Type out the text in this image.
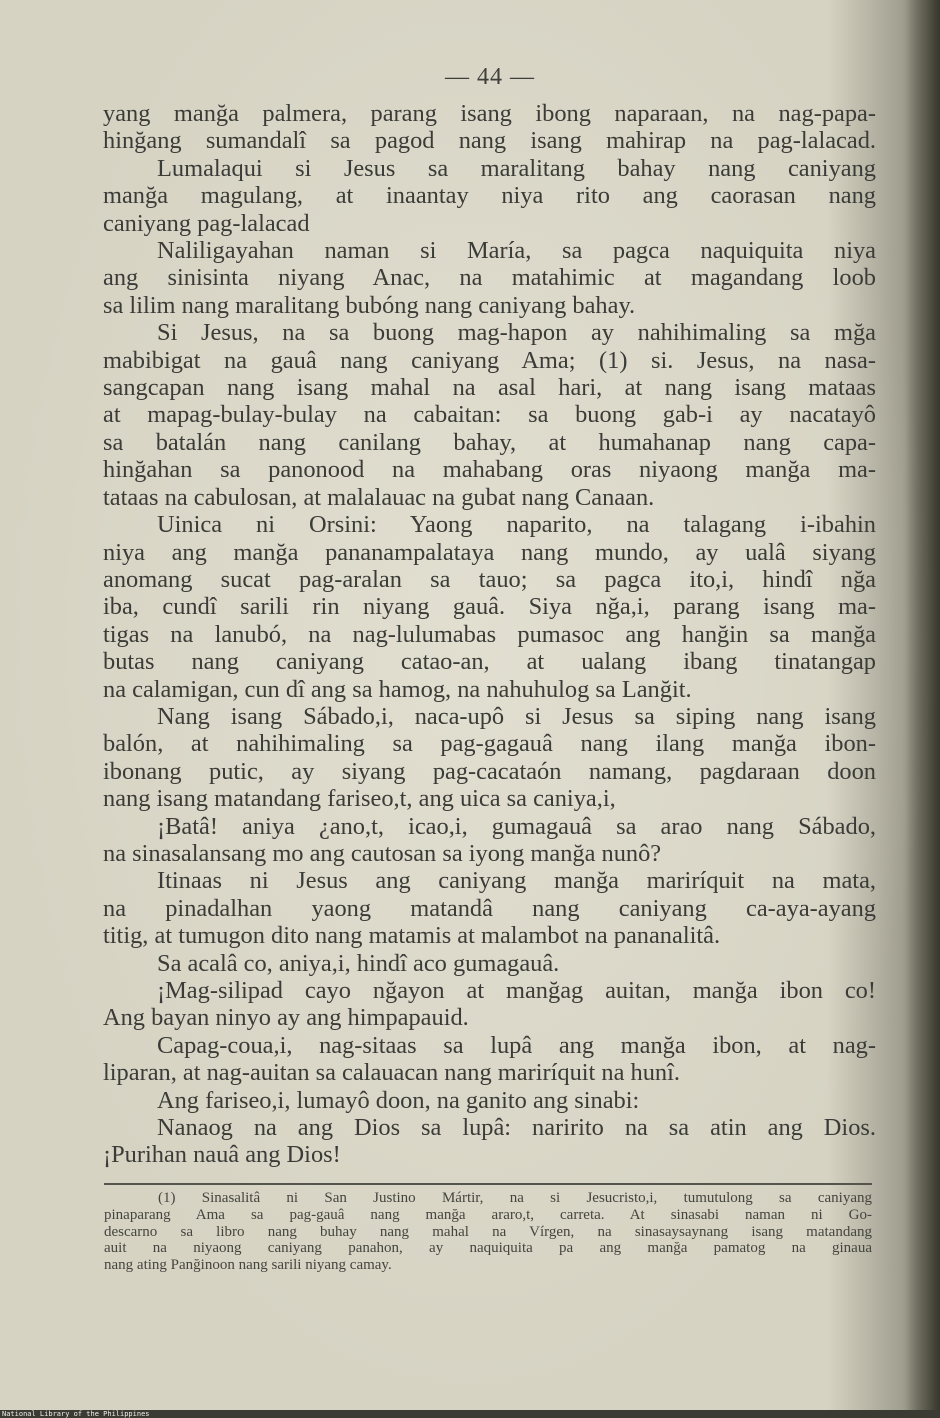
— 44 —
yang manğa palmera, parang isang ibong naparaan, na nag-papa-
hinğang sumandalî sa pagod nang isang mahirap na pag-lalacad.
Lumalaqui si Jesus sa maralitang bahay nang caniyang
manğa magulang, at inaantay niya rito ang caorasan nang
caniyang pag-lalacad
Naliligayahan naman si María, sa pagca naquiquita niya
ang sinisinta niyang Anac, na matahimic at magandang loob
sa lilim nang maralitang bubóng nang caniyang bahay.
Si Jesus, na sa buong mag-hapon ay nahihimaling sa mğa
mabibigat na gauâ nang caniyang Ama; (1) si. Jesus, na nasa-
sangcapan nang isang mahal na asal hari, at nang isang mataas
at mapag-bulay-bulay na cabaitan: sa buong gab-i ay nacatayô
sa batalán nang canilang bahay, at humahanap nang capa-
hinğahan sa panonood na mahabang oras niyaong manğa ma-
tataas na cabulosan, at malalauac na gubat nang Canaan.
Uinica ni Orsini: Yaong naparito, na talagang i-ibahin
niya ang manğa pananampalataya nang mundo, ay ualâ siyang
anomang sucat pag-aralan sa tauo; sa pagca ito,i, hindî nğa
iba, cundî sarili rin niyang gauâ. Siya nğa,i, parang isang ma-
tigas na lanubó, na nag-lulumabas pumasoc ang hanğin sa manğa
butas nang caniyang catao-an, at ualang ibang tinatangap
na calamigan, cun dî ang sa hamog, na nahuhulog sa Lanğit.
Nang isang Sábado,i, naca-upô si Jesus sa siping nang isang
balón, at nahihimaling sa pag-gagauâ nang ilang manğa ibon-
ibonang putic, ay siyang pag-cacataón namang, pagdaraan doon
nang isang matandang fariseo,t, ang uica sa caniya,i,
¡Batâ! aniya ¿ano,t, icao,i, gumagauâ sa arao nang Sábado,
na sinasalansang mo ang cautosan sa iyong manğa nunô?
Itinaas ni Jesus ang caniyang manğa mariríquit na mata,
na pinadalhan yaong matandâ nang caniyang ca-aya-ayang
titig, at tumugon dito nang matamis at malambot na pananalitâ.
Sa acalâ co, aniya,i, hindî aco gumagauâ.
¡Mag-silipad cayo nğayon at manğag auitan, manğa ibon co!
Ang bayan ninyo ay ang himpapauid.
Capag-coua,i, nag-sitaas sa lupâ ang manğa ibon, at nag-
liparan, at nag-auitan sa calauacan nang mariríquit na hunî.
Ang fariseo,i, lumayô doon, na ganito ang sinabi:
Nanaog na ang Dios sa lupâ: naririto na sa atin ang Dios.
¡Purihan nauâ ang Dios!
(1) Sinasalitâ ni San Justino Mártir, na si Jesucristo,i, tumutulong sa caniyang
pinaparang Ama sa pag-gauâ nang manğa araro,t, carreta. At sinasabi naman ni Go-
descarno sa libro nang buhay nang mahal na Vírgen, na sinasaysaynang isang matandang
auit na niyaong caniyang panahon, ay naquiquita pa ang manğa pamatog na ginaua
nang ating Panğinoon nang sarili niyang camay.
National Library of the Philippines
